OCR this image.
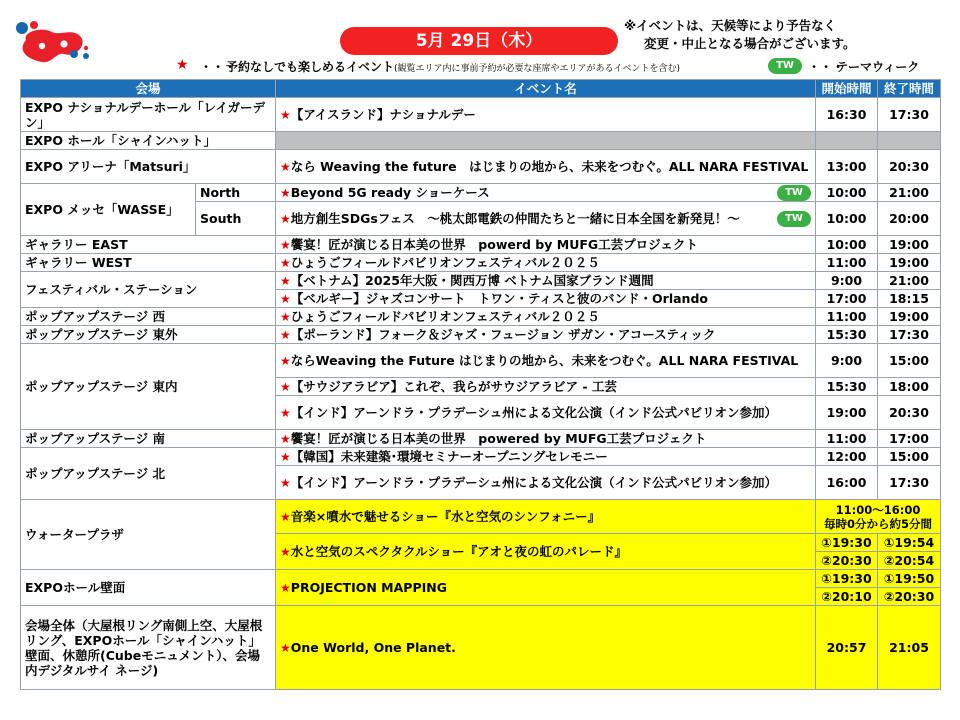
5月 29日（木）
※イベントは、天候等により予告なく
変更・中止となる場合がございます。
★ ・・・
予約なしでも楽しめるイベント(観覧エリア内に事前予約が必要な座席やエリアがあるイベントを含む)	TW	・・・
テーマウィーク
会場		イベント名	開始時間	終了時間
EXPO ナショナルデーホール「レイガーデン」		★【アイスランド】ナショナルデー	16:30	17:30
EXPO ホール「シャインハット」				
EXPO アリーナ「Matsuri」		★なら Weaving the future　はじまりの地から、未来をつむぐ。ALL NARA FESTIVAL	13:00	20:30
EXPO メッセ「WASSE」	North	★Beyond 5G ready ショーケース TW	10:00	21:00
	South	★地方創生SDGsフェス　～桃太郎電鉄の仲間たちと一緒に日本全国を新発見！～ TW	10:00	20:00
ギャラリー EAST		★饗宴！匠が演じる日本美の世界　powerd by MUFG工芸プロジェクト	10:00	19:00
ギャラリー WEST		★ひょうごフィールドパビリオンフェスティバル２０２５	11:00	19:00
フェスティバル・ステーション		★【ベトナム】2025年大阪・関西万博 ベトナム国家ブランド週間	9:00	21:00
		★【ベルギー】ジャズコンサート　トワン・ティスと彼のバンド・Orlando	17:00	18:15
ポップアップステージ 西		★ひょうごフィールドパビリオンフェスティバル２０２５	11:00	19:00
ポップアップステージ 東外		★【ポーランド】フォーク＆ジャズ・フュージョン ザガン・アコースティック	15:30	17:30
ポップアップステージ 東内		★ならWeaving the Future はじまりの地から、未来をつむぐ。ALL NARA FESTIVAL	9:00	15:00
		★【サウジアラビア】これぞ、我らがサウジアラビア - 工芸	15:30	18:00
		★【インド】アーンドラ・プラデーシュ州による文化公演（インド公式パビリオン参加）	19:00	20:30
ポップアップステージ 南		★饗宴！匠が演じる日本美の世界　powered by MUFG工芸プロジェクト	11:00	17:00
ポップアップステージ 北		★【韓国】未来建築･環境セミナーオープニングセレモニー	12:00	15:00
		★【インド】アーンドラ・プラデーシュ州による文化公演（インド公式パビリオン参加）	16:00	17:30
ウォータープラザ		★音楽×噴水で魅せるショー『水と空気のシンフォニー』	11:00～16:00
毎時0分から約5分間	
		★水と空気のスペクタクルショー『アオと夜の虹のパレード』	①19:30	①19:54
			②20:30	②20:54
EXPOホール壁面		★PROJECTION MAPPING	①19:30	①19:50
			②20:10	②20:30
会場全体（大屋根リング南側上空、大屋根リング、EXPOホール「シャインハット」壁面、休憩所(Cubeモニュメント）、会場内デジタルサイ ネージ)		★One World, One Planet.	20:57	21:05
